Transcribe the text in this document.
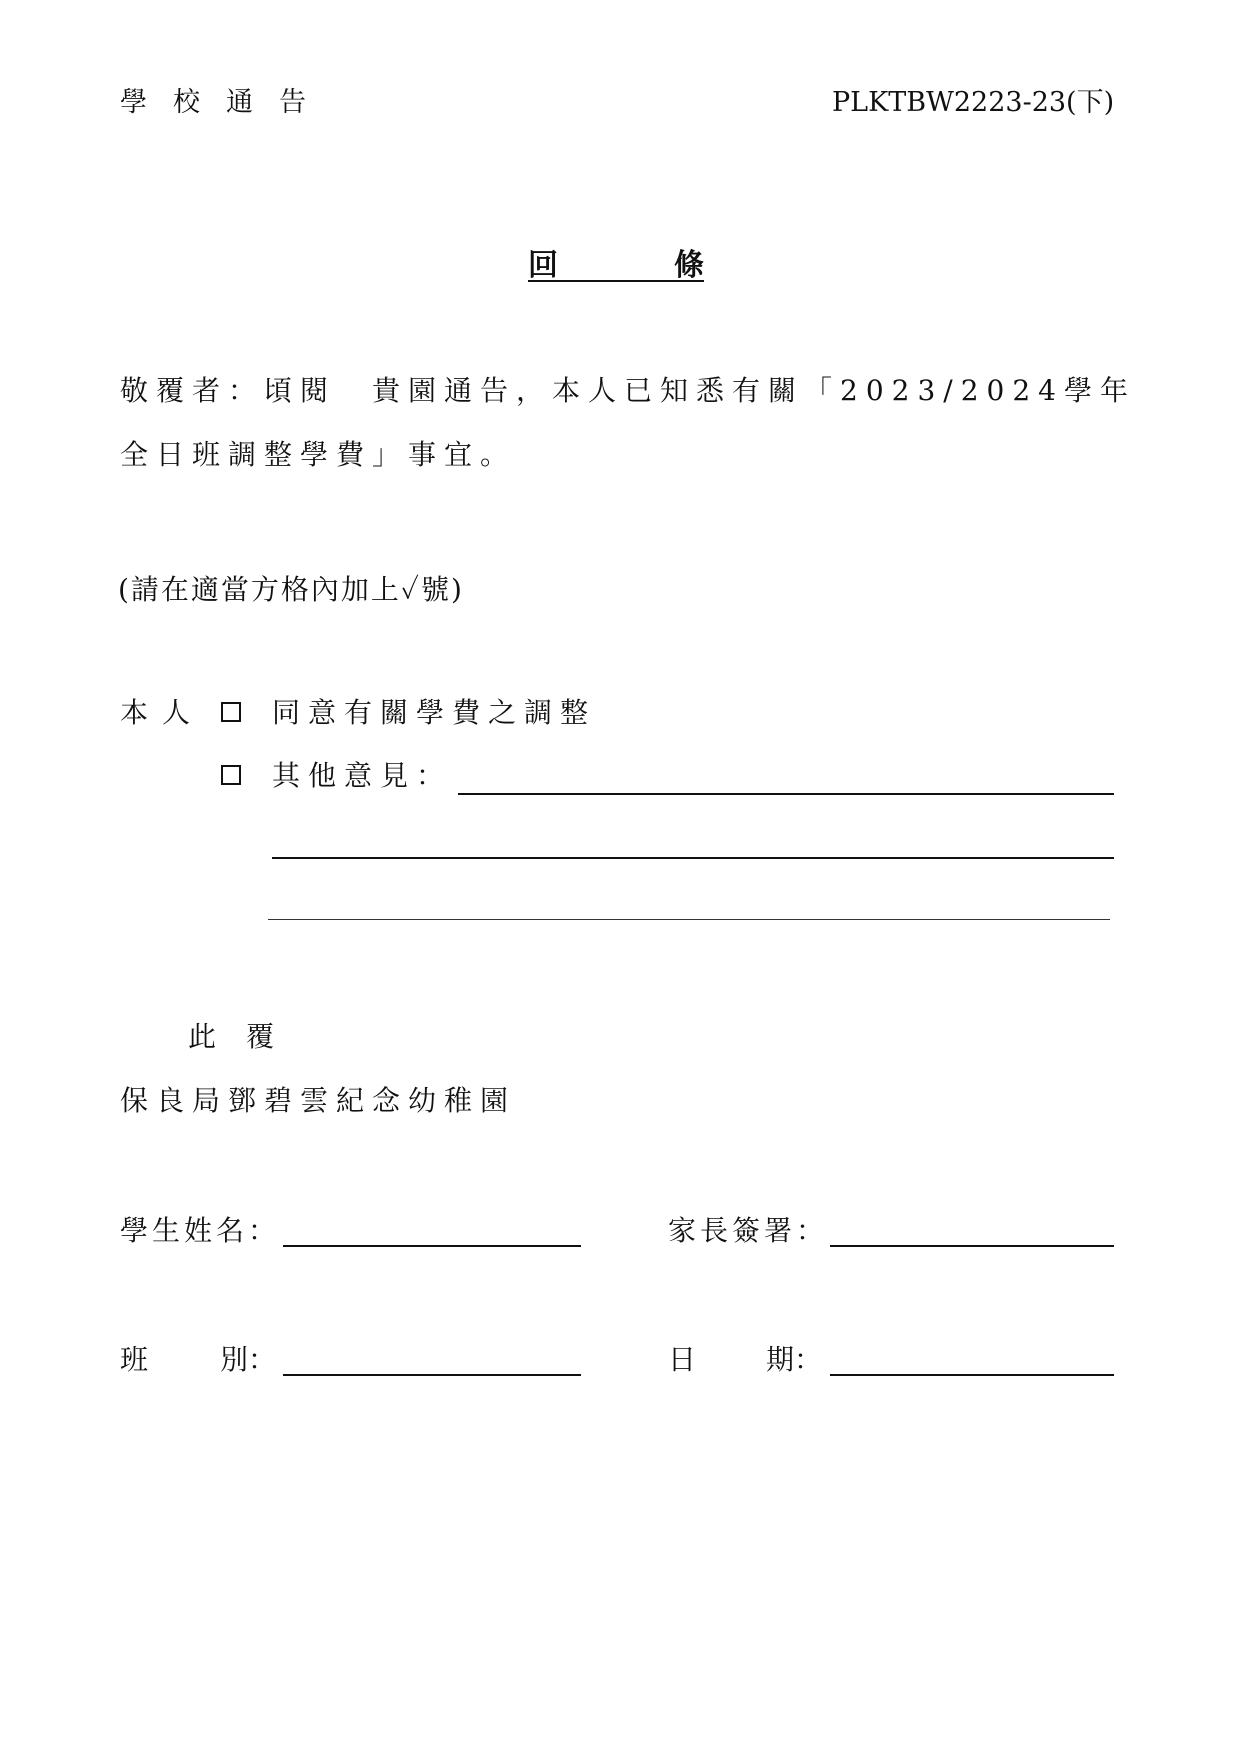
學校通告	PLKTBW2223-23(下)
回	條
敬覆者：頃閱　貴園通告，本人已知悉有關「2023/2024學年
全日班調整學費」事宜。
(請在適當方格內加上✓號)
本人 同意有關學費之調整
其他意見：
此覆
保良局鄧碧雲紀念幼稚園
學生姓名：	家長簽署：
班	別：	日 期：
